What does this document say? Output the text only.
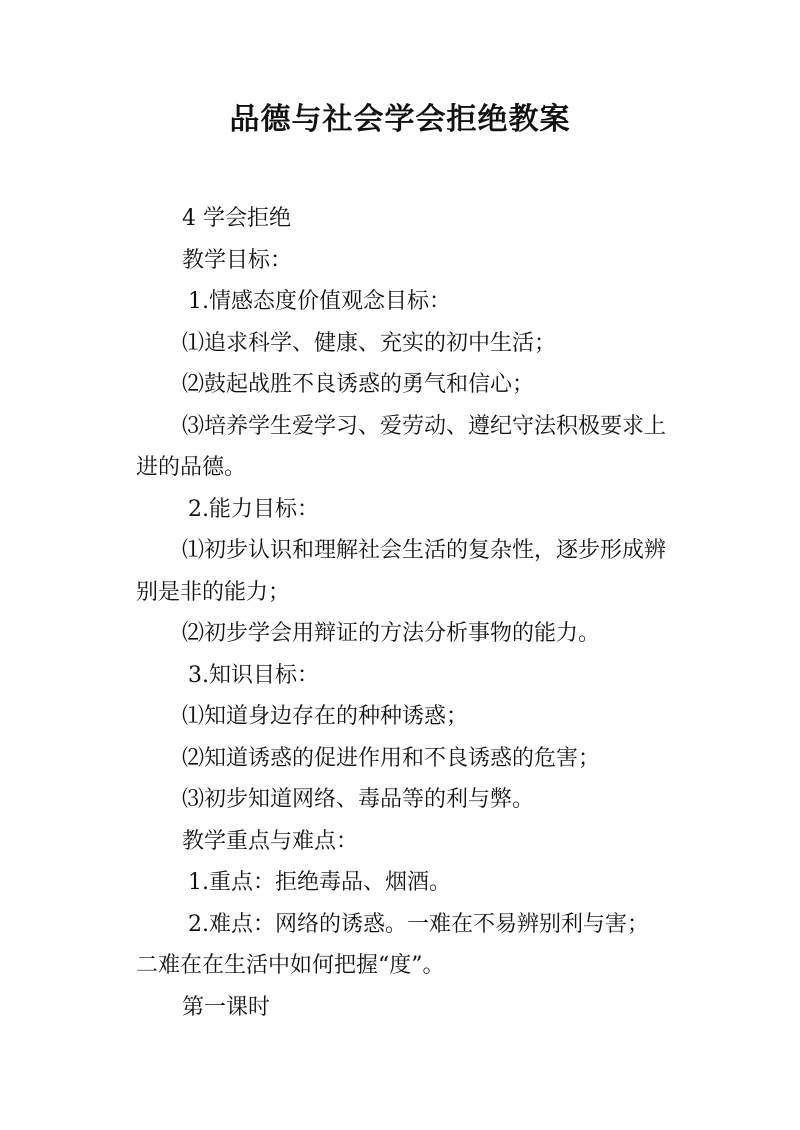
品德与社会学会拒绝教案

4 学会拒绝

教学目标：

1.情感态度价值观念目标：

⑴追求科学、健康、充实的初中生活；

⑵鼓起战胜不良诱惑的勇气和信心；

⑶培养学生爱学习、爱劳动、遵纪守法积极要求上进的品德。

2.能力目标：

⑴初步认识和理解社会生活的复杂性，逐步形成辨别是非的能力；

⑵初步学会用辩证的方法分析事物的能力。

3.知识目标：

⑴知道身边存在的种种诱惑；

⑵知道诱惑的促进作用和不良诱惑的危害；

⑶初步知道网络、毒品等的利与弊。

教学重点与难点：

1.重点：拒绝毒品、烟酒。

2.难点：网络的诱惑。一难在不易辨别利与害；二难在在生活中如何把握“度”。

第一课时
